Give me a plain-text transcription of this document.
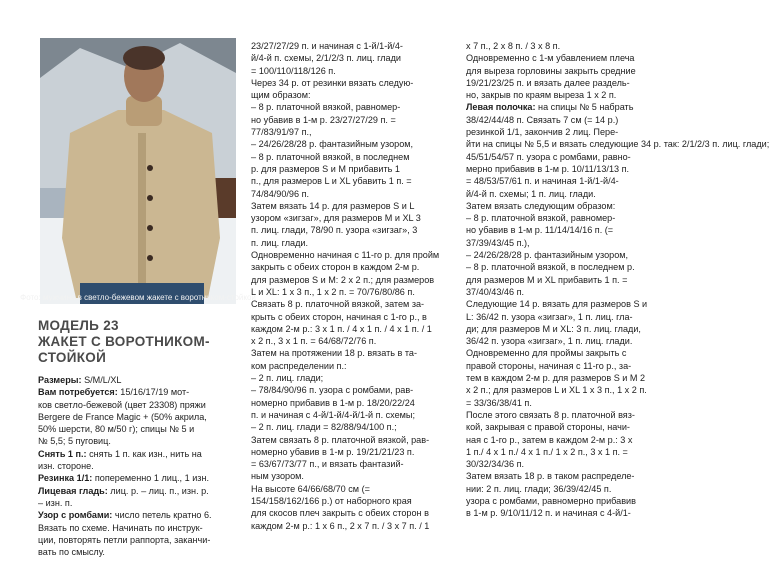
Фото: мужчина в светло-бежевом жакете с воротником-стойкой

МОДЕЛЬ 23

ЖАКЕТ С ВОРОТНИКОМ-

СТОЙКОЙ

Размеры: S/M/L/XL

Вам потребуется: 15/16/17/19 мот-

ков светло-бежевой (цвет 23308) пряжи

Bergere de France Magic + (50% акрила,

50% шерсти, 80 м/50 г); спицы № 5 и

№ 5,5; 5 пуговиц.

Снять 1 п.: снять 1 п. как изн., нить на

изн. стороне.

Резинка 1/1: попеременно 1 лиц., 1 изн.

Лицевая гладь: лиц. р. – лиц. п., изн. р.

– изн. п.

Узор с ромбами: число петель кратно 6.

Вязать по схеме. Начинать по инструк-

ции, повторять петли раппорта, заканчи-

вать по смыслу.

23/27/27/29 п. и начиная с 1-й/1-й/4-

й/4-й п. схемы, 2/1/2/3 п. лиц. глади

= 100/110/118/126 п.

Через 34 р. от резинки вязать следую-

щим образом:

– 8 р. платочной вязкой, равномер-

но убавив в 1-м р. 23/27/27/29 п. =

77/83/91/97 п.,

– 24/26/28/28 р. фантазийным узором,

– 8 р. платочной вязкой, в последнем

р. для размеров S и M прибавить 1

п., для размеров L и XL убавить 1 п. =

74/84/90/96 п.

Затем вязать 14 р. для размеров S и L

узором «зигзаг», для размеров M и XL 3

п. лиц. глади, 78/90 п. узора «зигзаг», 3

п. лиц. глади.

Одновременно начиная с 11-го р. для пройм

закрыть с обеих сторон в каждом 2-м р.

для размеров S и M: 2 х 2 п.; для размеров

L и XL: 1 х 3 п., 1 х 2 п. = 70/76/80/86 п.

Связать 8 р. платочной вязкой, затем за-

крыть с обеих сторон, начиная с 1-го р., в

каждом 2-м р.: 3 х 1 п. / 4 х 1 п. / 4 х 1 п. / 1

х 2 п., 3 х 1 п. = 64/68/72/76 п.

Затем на протяжении 18 р. вязать в та-

ком распределении п.:

– 2 п. лиц. глади;

– 78/84/90/96 п. узора с ромбами, рав-

номерно прибавив в 1-м р. 18/20/22/24

п. и начиная с 4-й/1-й/4-й/1-й п. схемы;

– 2 п. лиц. глади = 82/88/94/100 п.;

Затем связать 8 р. платочной вязкой, рав-

номерно убавив в 1-м р. 19/21/21/23 п.

= 63/67/73/77 п., и вязать фантазий-

ным узором.

На высоте 64/66/68/70 см (=

154/158/162/166 р.) от наборного края

для скосов плеч закрыть с обеих сторон в

каждом 2-м р.: 1 х 6 п., 2 х 7 п. / 3 х 7 п. / 1

х 7 п., 2 х 8 п. / 3 х 8 п.

Одновременно с 1-м убавлением плеча

для выреза горловины закрыть средние

19/21/23/25 п. и вязать далее раздель-

но, закрыв по краям выреза 1 х 2 п.

Левая полочка: на спицы № 5 набрать

38/42/44/48 п. Связать 7 см (= 14 р.)

резинкой 1/1, закончив 2 лиц. Пере-

йти на спицы № 5,5 и вязать следующие 34 р. так: 2/1/2/3 п. лиц. глади;

45/51/54/57 п. узора с ромбами, равно-

мерно прибавив в 1-м р. 10/11/13/13 п.

= 48/53/57/61 п. и начиная 1-й/1-й/4-

й/4-й п. схемы; 1 п. лиц. глади.

Затем вязать следующим образом:

– 8 р. платочной вязкой, равномер-

но убавив в 1-м р. 11/14/14/16 п. (=

37/39/43/45 п.),

– 24/26/28/28 р. фантазийным узором,

– 8 р. платочной вязкой, в последнем р.

для размеров M и XL прибавить 1 п. =

37/40/43/46 п.

Следующие 14 р. вязать для размеров S и

L: 36/42 п. узора «зигзаг», 1 п. лиц. гла-

ди; для размеров M и XL: 3 п. лиц. глади,

36/42 п. узора «зигзаг», 1 п. лиц. глади.

Одновременно для проймы закрыть с

правой стороны, начиная с 11-го р., за-

тем в каждом 2-м р. для размеров S и M 2

х 2 п.; для размеров L и XL 1 х 3 п., 1 х 2 п.

= 33/36/38/41 п.

После этого связать 8 р. платочной вяз-

кой, закрывая с правой стороны, начи-

ная с 1-го р., затем в каждом 2-м р.: 3 х

1 п./ 4 х 1 п./ 4 х 1 п./ 1 х 2 п., 3 х 1 п. =

30/32/34/36 п.

Затем вязать 18 р. в таком распределе-

нии: 2 п. лиц. глади; 36/39/42/45 п.

узора с ромбами, равномерно прибавив

в 1-м р. 9/10/11/12 п. и начиная с 4-й/1-
